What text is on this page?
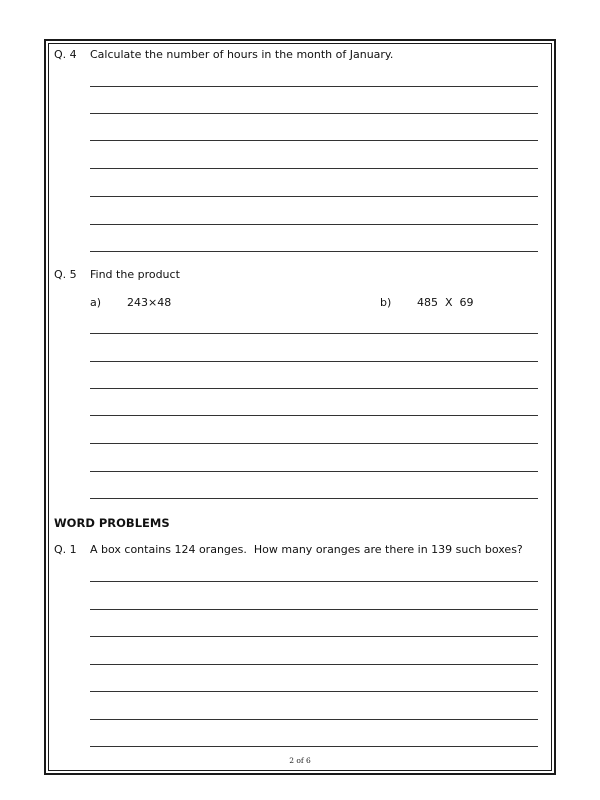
Q. 4 Calculate the number of hours in the month of January.
Q. 5 Find the product
a) 243×48	b) 485  X  69
WORD PROBLEMS
Q. 1 A box contains 124 oranges.  How many oranges are there in 139 such boxes?
2 of 6
